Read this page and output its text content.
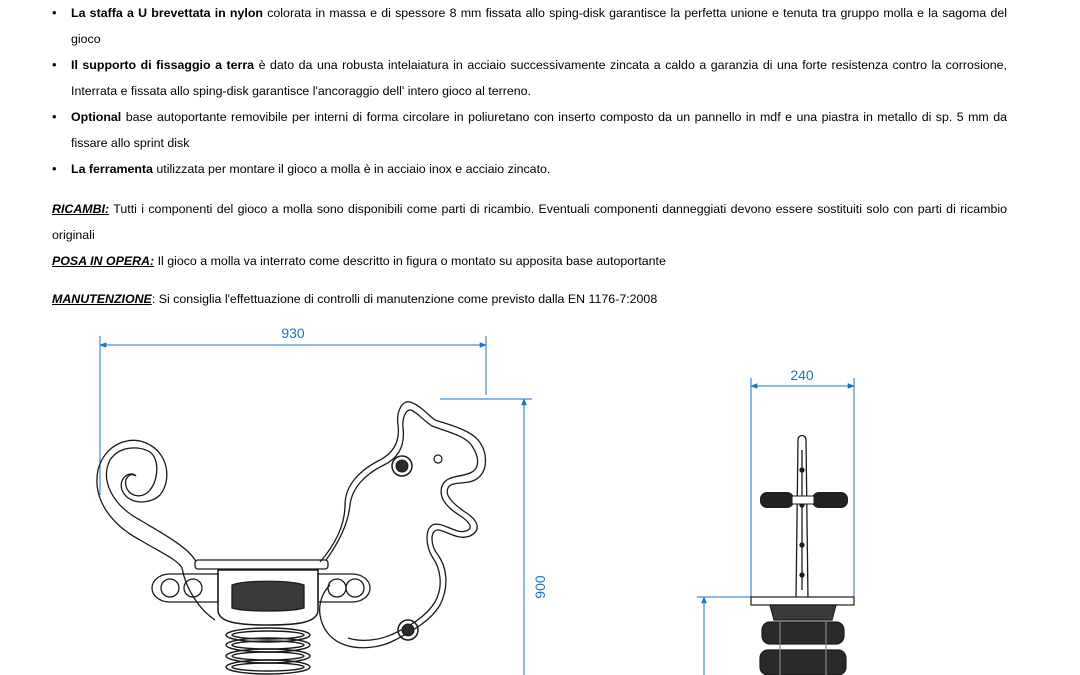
• La staffa a U brevettata in nylon colorata in massa e di spessore 8 mm fissata allo sping-disk garantisce la perfetta unione e tenuta tra gruppo molla e la sagoma del gioco
• Il supporto di fissaggio a terra è dato da una robusta intelaiatura in acciaio successivamente zincata a caldo a garanzia di una forte resistenza contro la corrosione, Interrata e fissata allo sping-disk garantisce l'ancoraggio dell' intero gioco al terreno.
• Optional base autoportante removibile per interni di forma circolare in poliuretano con inserto composto da un pannello in mdf e una piastra in metallo di sp. 5 mm da fissare allo sprint disk
• La ferramenta utilizzata per montare il gioco a molla è in acciaio inox e acciaio zincato.
RICAMBI: Tutti i componenti del gioco a molla sono disponibili come parti di ricambio. Eventuali componenti danneggiati devono essere sostituiti solo con parti di ricambio originali
POSA IN OPERA: Il gioco a molla va interrato come descritto in figura o montato su apposita base autoportante
MANUTENZIONE: Si consiglia l'effettuazione di controlli di manutenzione come previsto dalla EN 1176-7:2008
930
900
240
